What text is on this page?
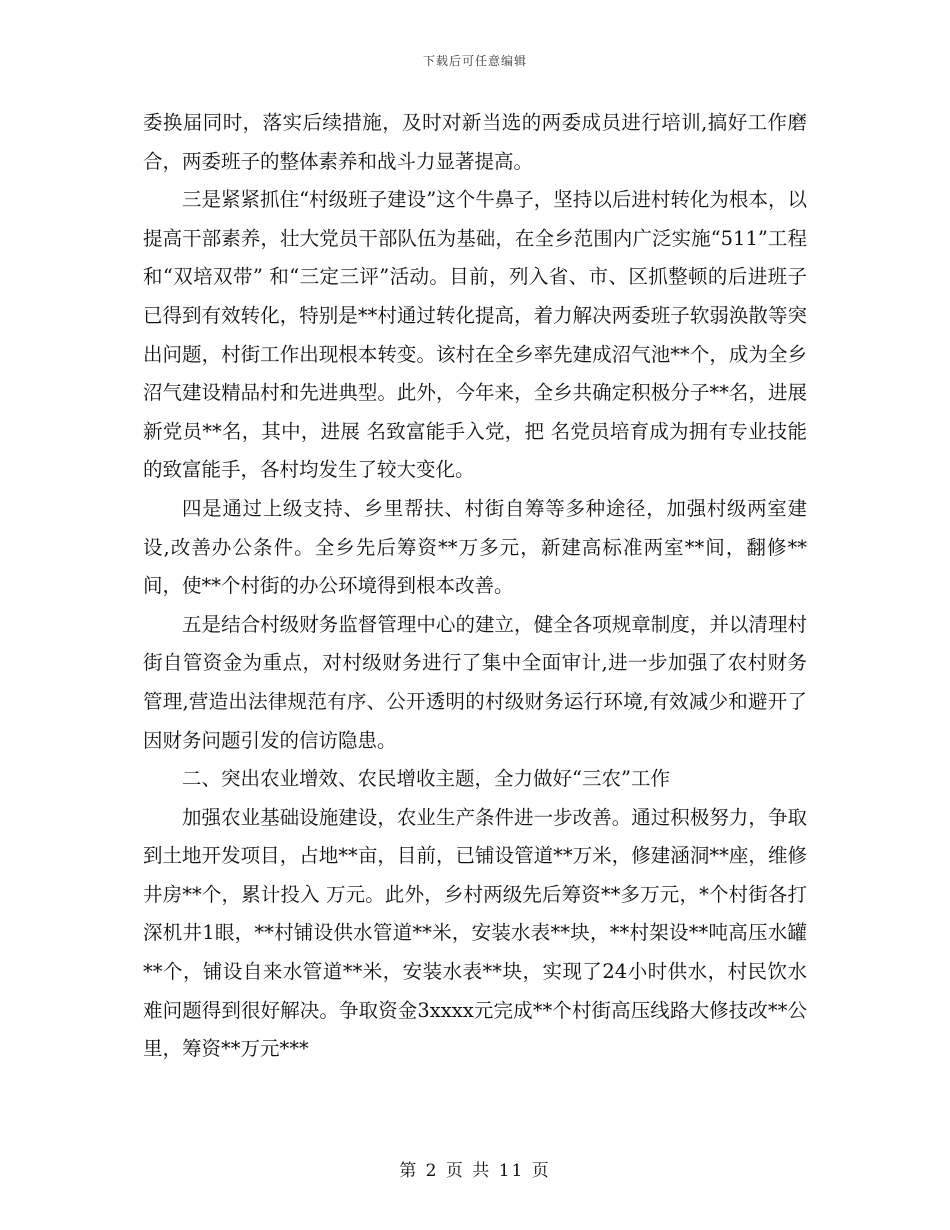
下载后可任意编辑

委换届同时，落实后续措施，及时对新当选的两委成员进行培训,搞好工作磨合，两委班子的整体素养和战斗力显著提高。

三是紧紧抓住“村级班子建设”这个牛鼻子，坚持以后进村转化为根本，以提高干部素养，壮大党员干部队伍为基础，在全乡范围内广泛实施“511”工程和“双培双带” 和“三定三评”活动。目前，列入省、市、区抓整顿的后进班子已得到有效转化，特别是**村通过转化提高，着力解决两委班子软弱涣散等突出问题，村街工作出现根本转变。该村在全乡率先建成沼气池**个，成为全乡沼气建设精品村和先进典型。此外，今年来，全乡共确定积极分子**名，进展新党员**名，其中，进展 名致富能手入党，把 名党员培育成为拥有专业技能的致富能手，各村均发生了较大变化。

四是通过上级支持、乡里帮扶、村街自筹等多种途径，加强村级两室建设,改善办公条件。全乡先后筹资**万多元，新建高标准两室**间，翻修**间，使**个村街的办公环境得到根本改善。

五是结合村级财务监督管理中心的建立，健全各项规章制度，并以清理村街自管资金为重点，对村级财务进行了集中全面审计,进一步加强了农村财务管理,营造出法律规范有序、公开透明的村级财务运行环境,有效减少和避开了因财务问题引发的信访隐患。

二、突出农业增效、农民增收主题，全力做好“三农”工作

加强农业基础设施建设，农业生产条件进一步改善。通过积极努力，争取到土地开发项目，占地**亩，目前，已铺设管道**万米，修建涵洞**座，维修井房**个，累计投入 万元。此外，乡村两级先后筹资**多万元，*个村街各打深机井1眼，**村铺设供水管道**米，安装水表**块，**村架设**吨高压水罐**个，铺设自来水管道**米，安装水表**块，实现了24小时供水，村民饮水难问题得到很好解决。争取资金3xxxx元完成**个村街高压线路大修技改**公里，筹资**万元***

第 2 页 共 11 页
